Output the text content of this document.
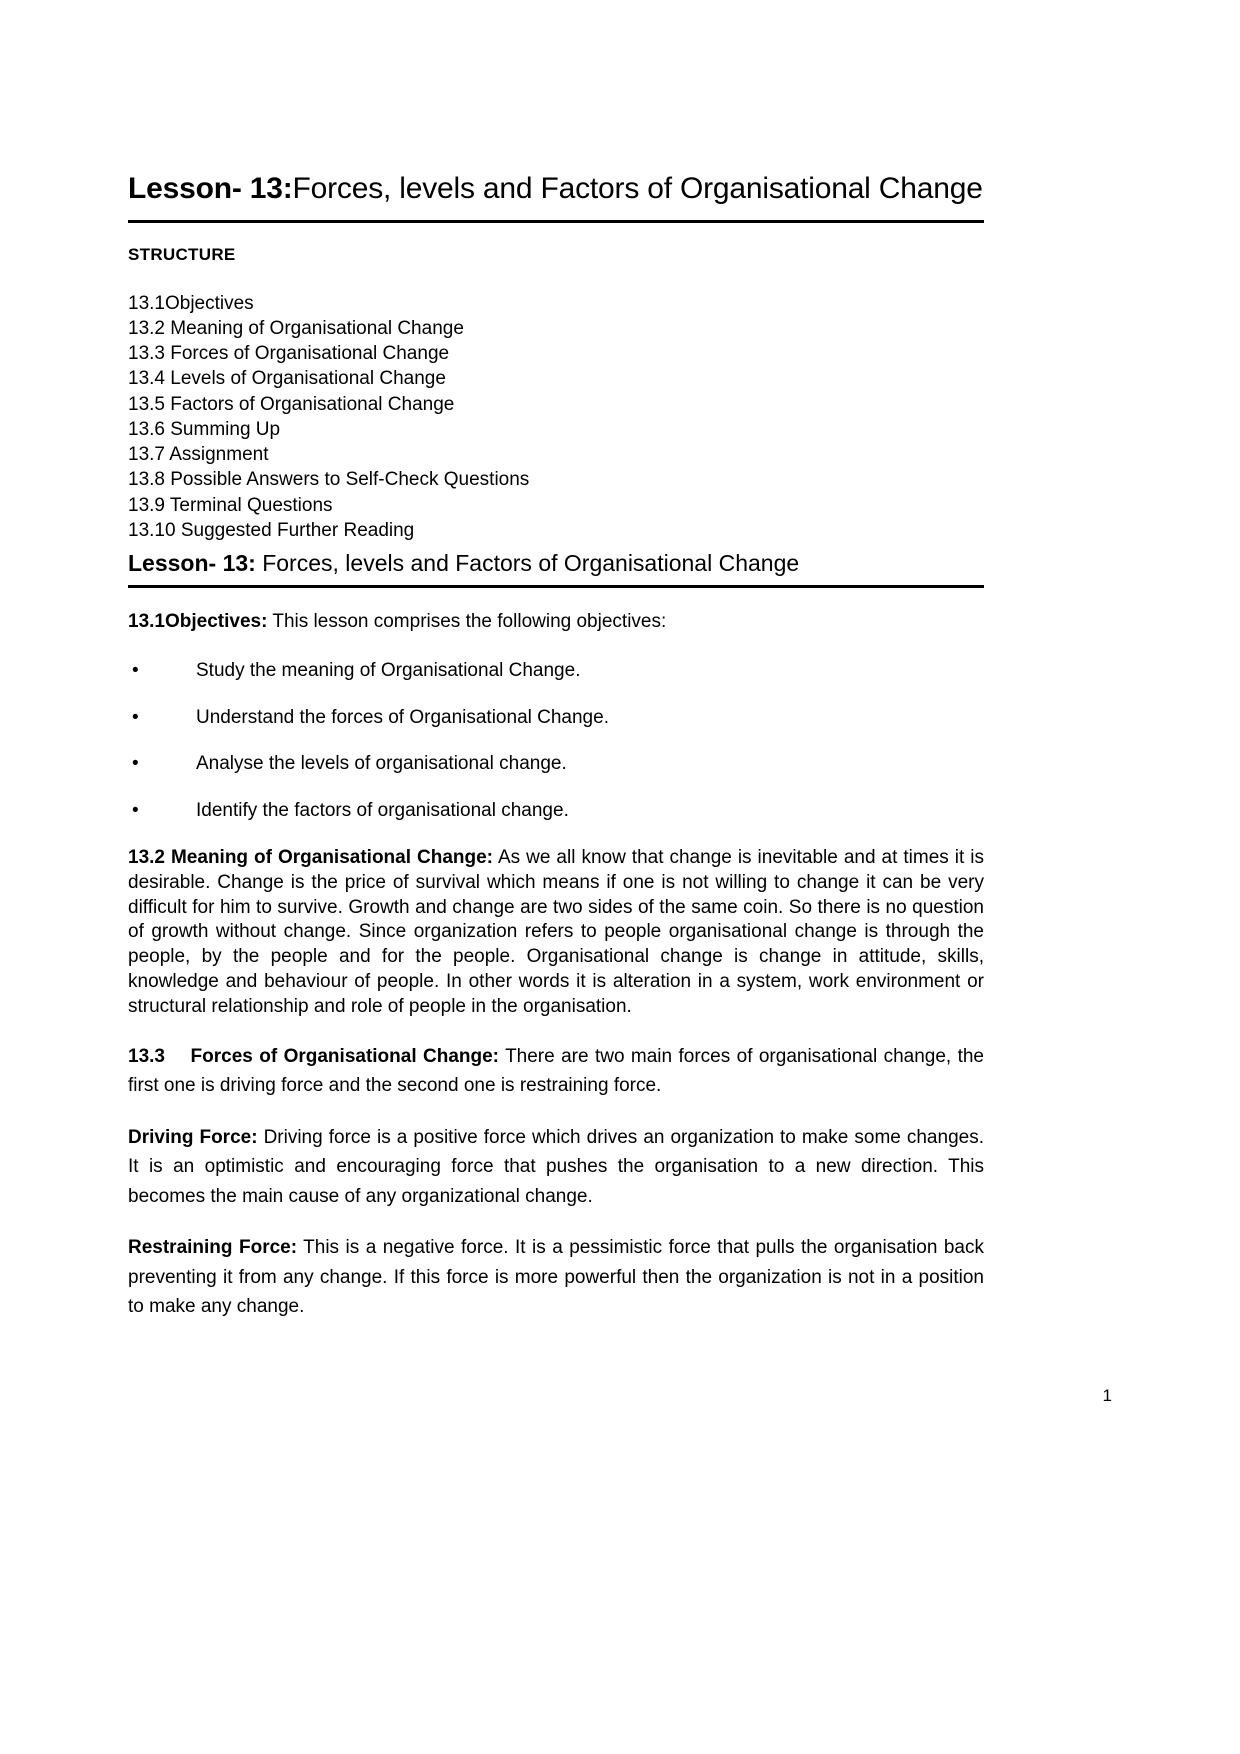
Lesson- 13:Forces, levels and Factors of Organisational Change
STRUCTURE
13.1Objectives
13.2 Meaning of Organisational Change
13.3 Forces of Organisational Change
13.4 Levels of Organisational Change
13.5 Factors of Organisational Change
13.6 Summing Up
13.7 Assignment
13.8 Possible Answers to Self-Check Questions
13.9 Terminal Questions
13.10 Suggested Further Reading
Lesson- 13: Forces, levels and Factors of Organisational Change

13.1Objectives: This lesson comprises the following objectives:

•	Study the meaning of Organisational Change.
•	Understand the forces of Organisational Change.
•	Analyse the levels of organisational change.
•	Identify the factors of organisational change.

13.2 Meaning of Organisational Change: As we all know that change is inevitable and at times it is desirable. Change is the price of survival which means if one is not willing to change it can be very difficult for him to survive. Growth and change are two sides of the same coin. So there is no question of growth without change. Since organization refers to people organisational change is through the people, by the people and for the people. Organisational change is change in attitude, skills, knowledge and behaviour of people. In other words it is alteration in a system, work environment or structural relationship and role of people in the organisation.

13.3    Forces of Organisational Change: There are two main forces of organisational change, the first one is driving force and the second one is restraining force.

Driving Force: Driving force is a positive force which drives an organization to make some changes. It is an optimistic and encouraging force that pushes the organisation to a new direction. This becomes the main cause of any organizational change.

Restraining Force: This is a negative force. It is a pessimistic force that pulls the organisation back preventing it from any change. If this force is more powerful then the organization is not in a position to make any change.

1
